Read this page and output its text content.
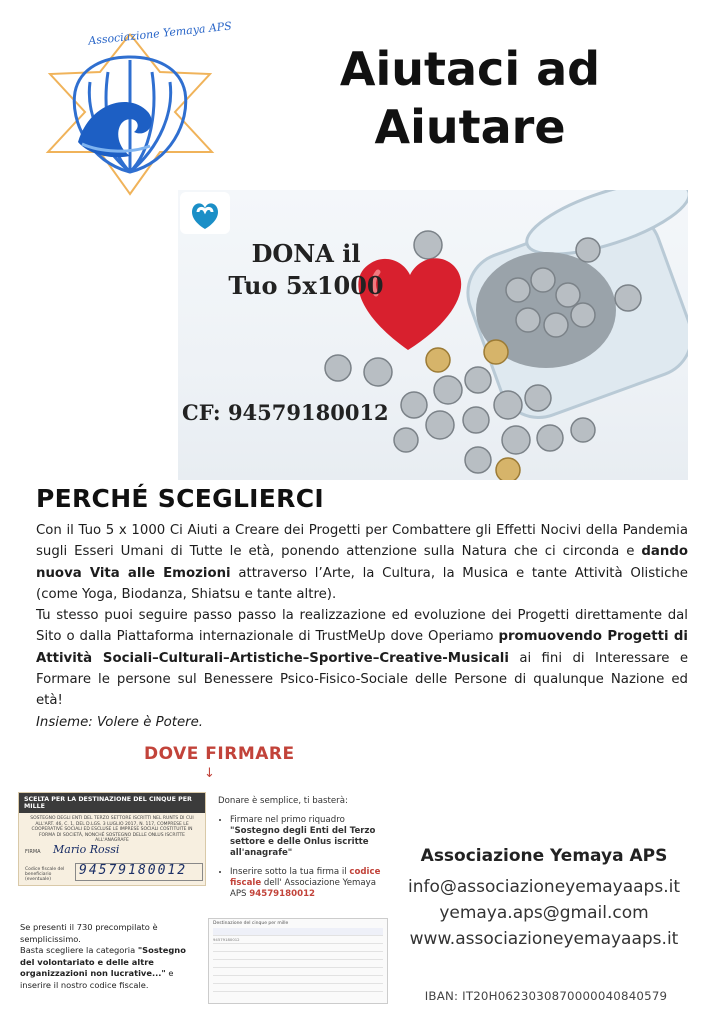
Associazione Yemaya APS
Aiutaci ad
Aiutare
DONA il
Tuo 5x1000
CF: 94579180012
PERCHÉ SCEGLIERCI

Con il Tuo 5 x 1000 Ci Aiuti a Creare dei Progetti per Combattere gli Effetti Nocivi della Pandemia sugli Esseri Umani di Tutte le età, ponendo attenzione sulla Natura che ci circonda e dando nuova Vita alle Emozioni attraverso l’Arte, la Cultura, la Musica e tante Attività Olistiche (come Yoga, Biodanza, Shiatsu e tante altre).

Tu stesso puoi seguire passo passo la realizzazione ed evoluzione dei Progetti direttamente dal Sito o dalla Piattaforma internazionale di TrustMeUp dove Operiamo promuovendo Progetti di Attività Sociali–Culturali–Artistiche–Sportive–Creative-Musicali ai fini di Interessare e Formare le persone sul Benessere Psico-Fisico-Sociale delle Persone di qualunque Nazione ed età!

Insieme: Volere è Potere.

DOVE FIRMARE
↓
SCELTA PER LA DESTINAZIONE DEL CINQUE PER MILLE
SOSTEGNO DEGLI ENTI DEL TERZO SETTORE ISCRITTI NEL RUNTS DI CUI ALL'ART. 46, C. 1, DEL D.LGS. 3 LUGLIO 2017, N. 117, COMPRESE LE COOPERATIVE SOCIALI ED ESCLUSE LE IMPRESE SOCIALI COSTITUITE IN FORMA DI SOCIETÀ, NONCHÉ SOSTEGNO DELLE ONLUS ISCRITTE ALL'ANAGRAFE
FIRMA Mario Rossi
Codice fiscale del beneficiario (eventuale)
94579180012
Donare è semplice, ti basterà:
• Firmare nel primo riquadro "Sostegno degli Enti del Terzo settore e delle Onlus iscritte all'anagrafe"
• Inserire sotto la tua firma il codice fiscale dell' Associazione Yemaya APS 94579180012
Se presenti il 730 precompilato è semplicissimo.
Basta scegliere la categoria "Sostegno del volontariato e delle altre organizzazioni non lucrative..." e inserire il nostro codice fiscale.
Destinazione del cinque per mille
94579180012
Associazione Yemaya APS
info@associazioneyemayaaps.it
yemaya.aps@gmail.com
www.associazioneyemayaaps.it
IBAN: IT20H0623030870000040840579
